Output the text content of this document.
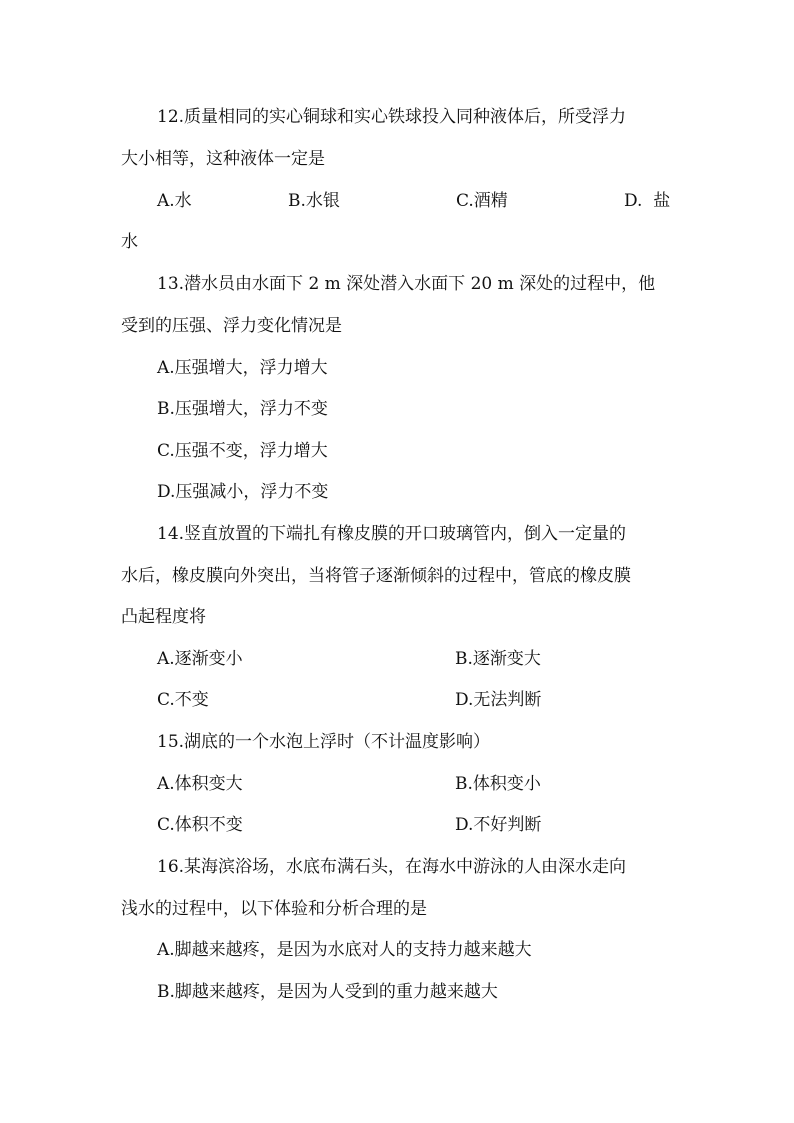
12.质量相同的实心铜球和实心铁球投入同种液体后，所受浮力
大小相等，这种液体一定是
A.水	B.水银	C.酒精	D.  盐
水
13.潜水员由水面下 2 m 深处潜入水面下 20 m 深处的过程中，他
受到的压强、浮力变化情况是
A.压强增大，浮力增大
B.压强增大，浮力不变
C.压强不变，浮力增大
D.压强减小，浮力不变
14.竖直放置的下端扎有橡皮膜的开口玻璃管内，倒入一定量的
水后，橡皮膜向外突出，当将管子逐渐倾斜的过程中，管底的橡皮膜
凸起程度将
A.逐渐变小	B.逐渐变大
C.不变	D.无法判断
15.湖底的一个水泡上浮时（不计温度影响）
A.体积变大	B.体积变小
C.体积不变	D.不好判断
16.某海滨浴场，水底布满石头，在海水中游泳的人由深水走向
浅水的过程中，以下体验和分析合理的是
A.脚越来越疼，是因为水底对人的支持力越来越大
B.脚越来越疼，是因为人受到的重力越来越大
